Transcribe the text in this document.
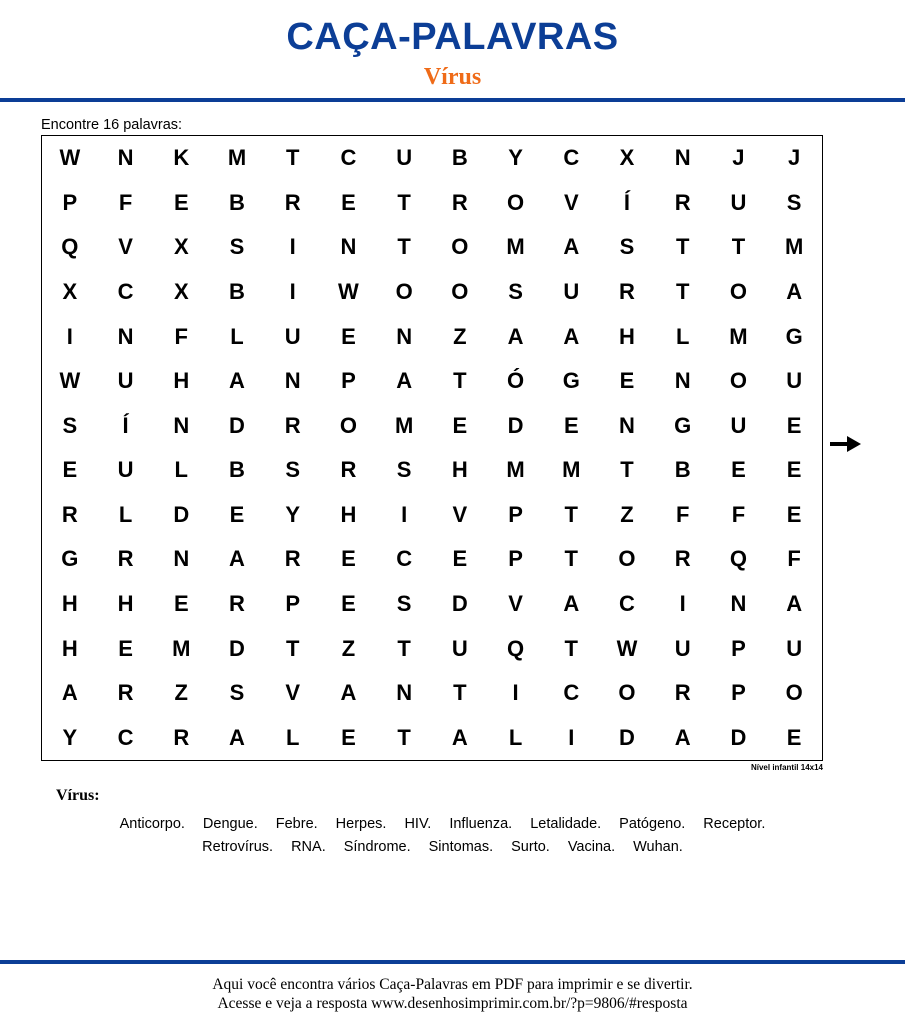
CAÇA-PALAVRAS
Vírus
Encontre 16 palavras:
W	N	K	M	T	C	U	B	Y	C	X	N	J	J
P	F	E	B	R	E	T	R	O	V	Í	R	U	S
Q	V	X	S	I	N	T	O	M	A	S	T	T	M
X	C	X	B	I	W	O	O	S	U	R	T	O	A
I	N	F	L	U	E	N	Z	A	A	H	L	M	G
W	U	H	A	N	P	A	T	Ó	G	E	N	O	U
S	Í	N	D	R	O	M	E	D	E	N	G	U	E
E	U	L	B	S	R	S	H	M	M	T	B	E	E
R	L	D	E	Y	H	I	V	P	T	Z	F	F	E
G	R	N	A	R	E	C	E	P	T	O	R	Q	F
H	H	E	R	P	E	S	D	V	A	C	I	N	A
H	E	M	D	T	Z	T	U	Q	T	W	U	P	U
A	R	Z	S	V	A	N	T	I	C	O	R	P	O
Y	C	R	A	L	E	T	A	L	I	D	A	D	E
Nível infantil 14x14
Vírus:
Anticorpo. Dengue. Febre. Herpes. HIV. Influenza. Letalidade. Patógeno. Receptor.
Retrovírus. RNA. Síndrome. Sintomas. Surto. Vacina. Wuhan.
Aqui você encontra vários Caça-Palavras em PDF para imprimir e se divertir.
Acesse e veja a resposta www.desenhosimprimir.com.br/?p=9806/#resposta
